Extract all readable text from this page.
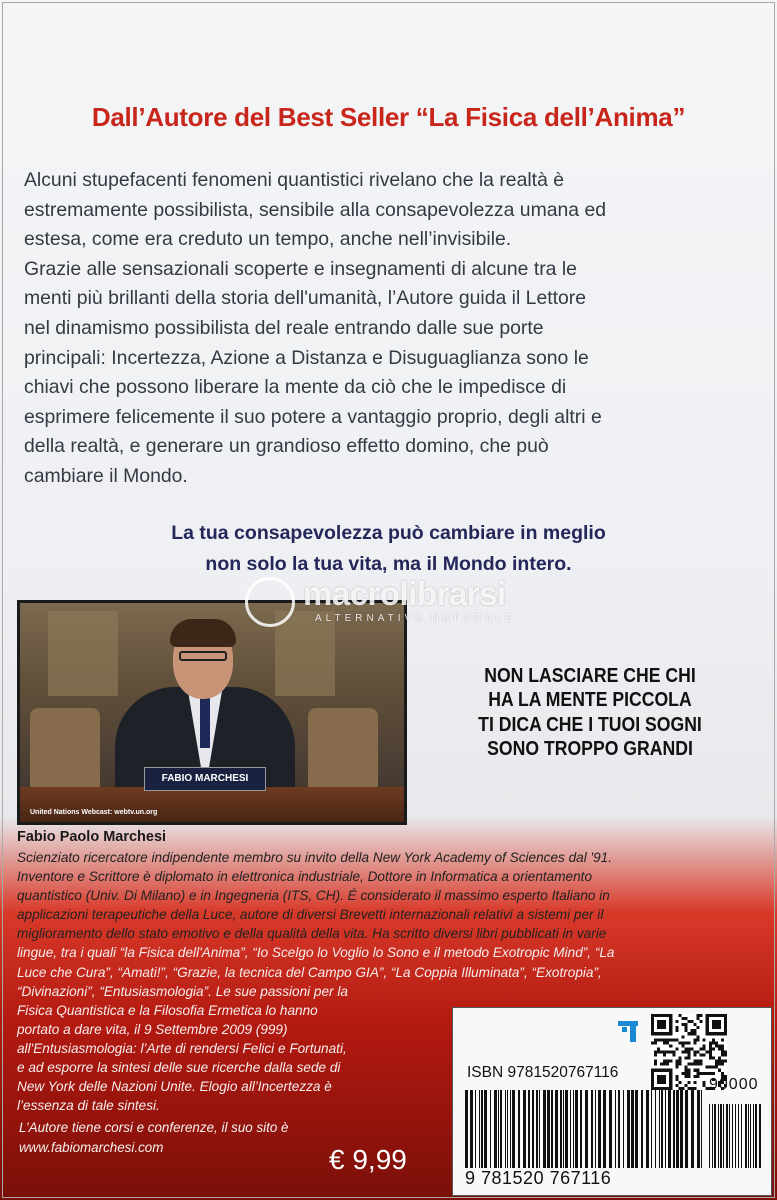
Dall’Autore del Best Seller “La Fisica dell’Anima”

Alcuni stupefacenti fenomeni quantistici rivelano che la realtà è

estremamente possibilista, sensibile alla consapevolezza umana ed

estesa, come era creduto un tempo, anche nell’invisibile.

Grazie alle sensazionali scoperte e insegnamenti di alcune tra le

menti più brillanti della storia dell'umanità, l’Autore guida il Lettore

nel dinamismo possibilista del reale entrando dalle sue porte

principali: Incertezza, Azione a Distanza e Disuguaglianza sono le

chiavi che possono liberare la mente da ciò che le impedisce di

esprimere felicemente il suo potere a vantaggio proprio, degli altri e

della realtà, e generare un grandioso effetto domino, che può

cambiare il Mondo.

La tua consapevolezza può cambiare in meglio
non solo la tua vita, ma il Mondo intero.
FABIO MARCHESI
United Nations Webcast: webtv.un.org
macrolibrarsi
ALTERNATIVA NATURALE
NON LASCIARE CHE CHI
HA LA MENTE PICCOLA
TI DICA CHE I TUOI SOGNI
SONO TROPPO GRANDI
Fabio Paolo Marchesi
Scienziato ricercatore indipendente membro su invito della New York Academy of Sciences dal '91.
Inventore e Scrittore è diplomato in elettronica industriale, Dottore in Informatica a orientamento
quantistico (Univ. Di Milano) e in Ingegneria (ITS, CH). É considerato il massimo esperto Italiano in
applicazioni terapeutiche della Luce, autore di diversi Brevetti internazionali relativi a sistemi per il
miglioramento dello stato emotivo e della qualità della vita. Ha scritto diversi libri pubblicati in varie
lingue, tra i quali “la Fisica dell'Anima”, “Io Scelgo lo Voglio lo Sono e il metodo Exotropic Mind”, “La
Luce che Cura”, “Amati!”, “Grazie, la tecnica del Campo GIA”, “La Coppia Illuminata”, “Exotropia”,
“Divinazioni”, “Entusiasmologia”. Le sue passioni per la
Fisica Quantistica e la Filosofia Ermetica lo hanno
portato a dare vita, il 9 Settembre 2009 (999)
all'Entusiasmologia: l’Arte di rendersi Felici e Fortunati,
e ad esporre la sintesi delle sue ricerche dalla sede di
New York delle Nazioni Unite. Elogio all’Incertezza è
l’essenza di tale sintesi.
L’Autore tiene corsi e conferenze, il suo sito è
www.fabiomarchesi.com	€ 9,99
ISBN 9781520767116
90000
9 781520 767116
